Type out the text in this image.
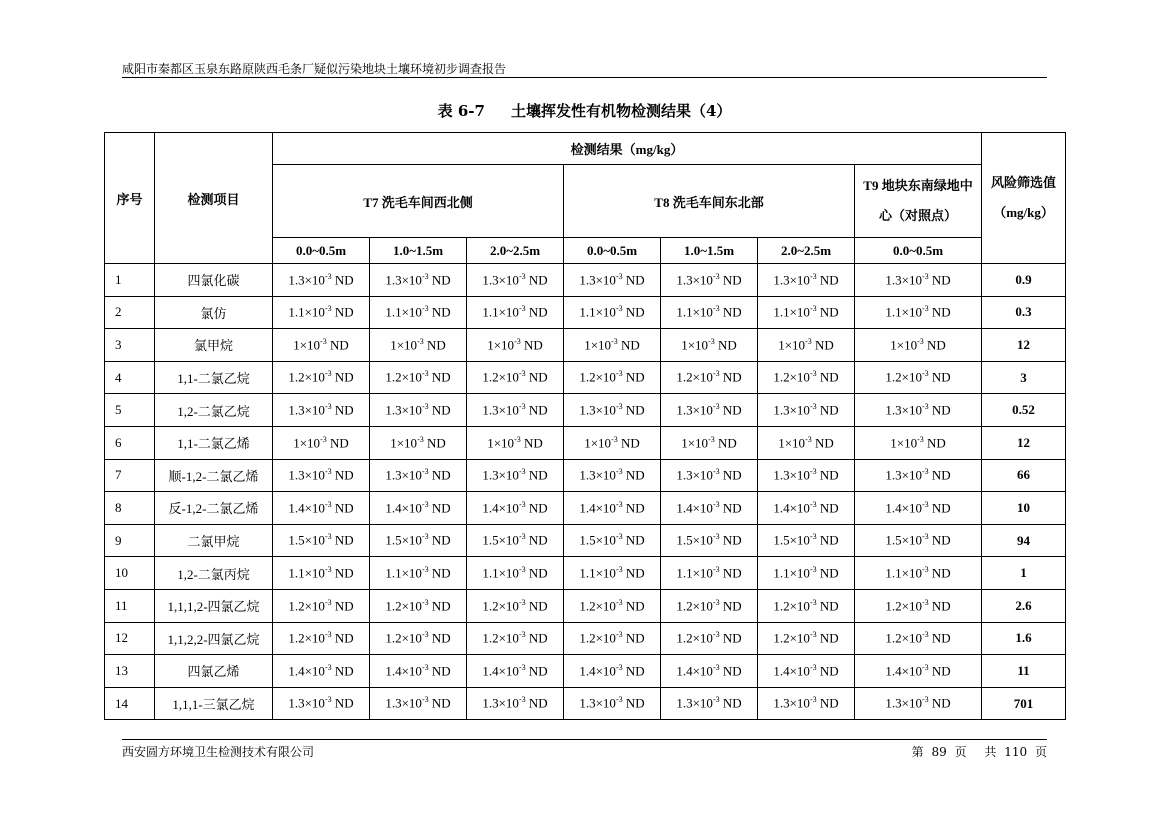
咸阳市秦都区玉泉东路原陕西毛条厂疑似污染地块土壤环境初步调查报告
表 6-7 土壤挥发性有机物检测结果（4）
序号	检测项目	检测结果（mg/kg）							风险筛选值（mg/kg）
		T7 洗毛车间西北侧			T8 洗毛车间东北部			T9 地块东南绿地中心（对照点）	
		0.0~0.5m	1.0~1.5m	2.0~2.5m	0.0~0.5m	1.0~1.5m	2.0~2.5m	0.0~0.5m	
1	四氯化碳	$1.3\times 10^{-3}$ ND	$1.3\times 10^{-3}$ ND	$1.3\times 10^{-3}$ ND	$1.3\times 10^{-3}$ ND	$1.3\times 10^{-3}$ ND	$1.3\times 10^{-3}$ ND	$1.3\times 10^{-3}$ ND	0.9
2	氯仿	$1.1\times 10^{-3}$ ND	$1.1\times 10^{-3}$ ND	$1.1\times 10^{-3}$ ND	$1.1\times 10^{-3}$ ND	$1.1\times 10^{-3}$ ND	$1.1\times 10^{-3}$ ND	$1.1\times 10^{-3}$ ND	0.3
3	氯甲烷	$1\times 10^{-3}$ ND	$1\times 10^{-3}$ ND	$1\times 10^{-3}$ ND	$1\times 10^{-3}$ ND	$1\times 10^{-3}$ ND	$1\times 10^{-3}$ ND	$1\times 10^{-3}$ ND	12
4	1,1-二氯乙烷	$1.2\times 10^{-3}$ ND	$1.2\times 10^{-3}$ ND	$1.2\times 10^{-3}$ ND	$1.2\times 10^{-3}$ ND	$1.2\times 10^{-3}$ ND	$1.2\times 10^{-3}$ ND	$1.2\times 10^{-3}$ ND	3
5	1,2-二氯乙烷	$1.3\times 10^{-3}$ ND	$1.3\times 10^{-3}$ ND	$1.3\times 10^{-3}$ ND	$1.3\times 10^{-3}$ ND	$1.3\times 10^{-3}$ ND	$1.3\times 10^{-3}$ ND	$1.3\times 10^{-3}$ ND	0.52
6	1,1-二氯乙烯	$1\times 10^{-3}$ ND	$1\times 10^{-3}$ ND	$1\times 10^{-3}$ ND	$1\times 10^{-3}$ ND	$1\times 10^{-3}$ ND	$1\times 10^{-3}$ ND	$1\times 10^{-3}$ ND	12
7	顺-1,2-二氯乙烯	$1.3\times 10^{-3}$ ND	$1.3\times 10^{-3}$ ND	$1.3\times 10^{-3}$ ND	$1.3\times 10^{-3}$ ND	$1.3\times 10^{-3}$ ND	$1.3\times 10^{-3}$ ND	$1.3\times 10^{-3}$ ND	66
8	反-1,2-二氯乙烯	$1.4\times 10^{-3}$ ND	$1.4\times 10^{-3}$ ND	$1.4\times 10^{-3}$ ND	$1.4\times 10^{-3}$ ND	$1.4\times 10^{-3}$ ND	$1.4\times 10^{-3}$ ND	$1.4\times 10^{-3}$ ND	10
9	二氯甲烷	$1.5\times 10^{-3}$ ND	$1.5\times 10^{-3}$ ND	$1.5\times 10^{-3}$ ND	$1.5\times 10^{-3}$ ND	$1.5\times 10^{-3}$ ND	$1.5\times 10^{-3}$ ND	$1.5\times 10^{-3}$ ND	94
10	1,2-二氯丙烷	$1.1\times 10^{-3}$ ND	$1.1\times 10^{-3}$ ND	$1.1\times 10^{-3}$ ND	$1.1\times 10^{-3}$ ND	$1.1\times 10^{-3}$ ND	$1.1\times 10^{-3}$ ND	$1.1\times 10^{-3}$ ND	1
11	1,1,1,2-四氯乙烷	$1.2\times 10^{-3}$ ND	$1.2\times 10^{-3}$ ND	$1.2\times 10^{-3}$ ND	$1.2\times 10^{-3}$ ND	$1.2\times 10^{-3}$ ND	$1.2\times 10^{-3}$ ND	$1.2\times 10^{-3}$ ND	2.6
12	1,1,2,2-四氯乙烷	$1.2\times 10^{-3}$ ND	$1.2\times 10^{-3}$ ND	$1.2\times 10^{-3}$ ND	$1.2\times 10^{-3}$ ND	$1.2\times 10^{-3}$ ND	$1.2\times 10^{-3}$ ND	$1.2\times 10^{-3}$ ND	1.6
13	四氯乙烯	$1.4\times 10^{-3}$ ND	$1.4\times 10^{-3}$ ND	$1.4\times 10^{-3}$ ND	$1.4\times 10^{-3}$ ND	$1.4\times 10^{-3}$ ND	$1.4\times 10^{-3}$ ND	$1.4\times 10^{-3}$ ND	11
14	1,1,1-三氯乙烷	$1.3\times 10^{-3}$ ND	$1.3\times 10^{-3}$ ND	$1.3\times 10^{-3}$ ND	$1.3\times 10^{-3}$ ND	$1.3\times 10^{-3}$ ND	$1.3\times 10^{-3}$ ND	$1.3\times 10^{-3}$ ND	701
西安圆方环境卫生检测技术有限公司	第 89 页 共 110 页
